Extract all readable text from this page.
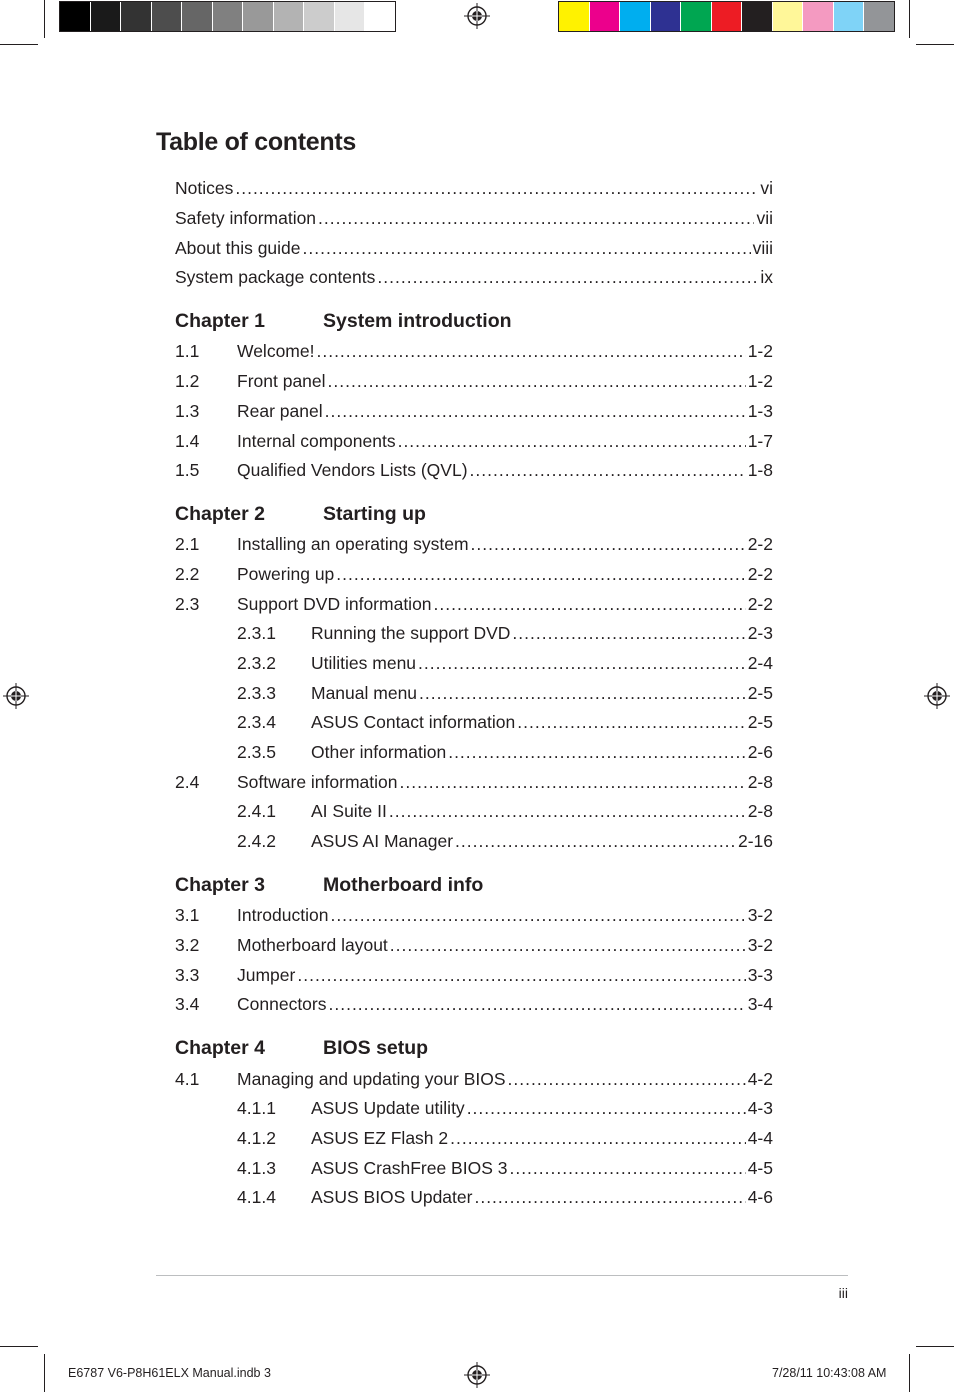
Table of contents
Notices .....	vi
Safety information .....	vii
About this guide .....	viii
System package contents .....	ix
Chapter 1	System introduction
1.1	Welcome! .....	1-2
1.2	Front panel .....	1-2
1.3	Rear panel .....	1-3
1.4	Internal components .....	1-7
1.5	Qualified Vendors Lists (QVL) .....	1-8
Chapter 2	Starting up
2.1	Installing an operating system .....	2-2
2.2	Powering up .....	2-2
2.3	Support DVD information .....	2-2
2.3.1	Running the support DVD .....	2-3
2.3.2	Utilities menu .....	2-4
2.3.3	Manual menu .....	2-5
2.3.4	ASUS Contact information .....	2-5
2.3.5	Other information .....	2-6
2.4	Software information .....	2-8
2.4.1	AI Suite II .....	2-8
2.4.2	ASUS AI Manager .....	2-16
Chapter 3	Motherboard info
3.1	Introduction .....	3-2
3.2	Motherboard layout .....	3-2
3.3	Jumper .....	3-3
3.4	Connectors .....	3-4
Chapter 4	BIOS setup
4.1	Managing and updating your BIOS .....	4-2
4.1.1	ASUS Update utility .....	4-3
4.1.2	ASUS EZ Flash 2 .....	4-4
4.1.3	ASUS CrashFree BIOS 3 .....	4-5
4.1.4	ASUS BIOS Updater .....	4-6
iii
E6787 V6-P8H61ELX Manual.indb 3	7/28/11 10:43:08 AM
